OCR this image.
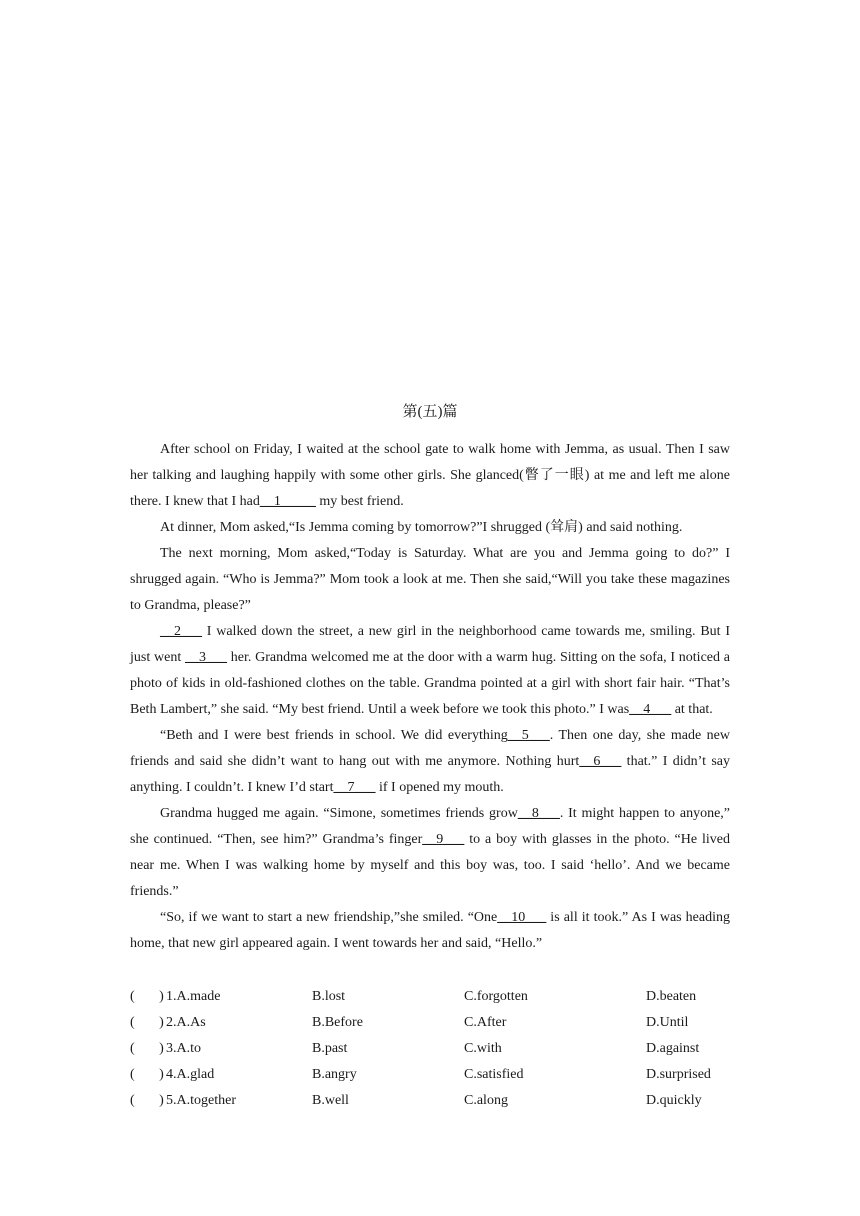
第(五)篇

After school on Friday, I waited at the school gate to walk home with Jemma, as usual. Then I saw her talking and laughing happily with some other girls. She glanced(瞥了一眼) at me and left me alone there. I knew that I had__1_____ my best friend.

At dinner, Mom asked,“Is Jemma coming by tomorrow?”I shrugged (耸肩) and said nothing.

The next morning, Mom asked,“Today is Saturday. What are you and Jemma going to do?” I shrugged again. “Who is Jemma?” Mom took a look at me. Then she said,“Will you take these magazines to Grandma, please?”

__2___ I walked down the street, a new girl in the neighborhood came towards me, smiling. But I just went __3___ her. Grandma welcomed me at the door with a warm hug. Sitting on the sofa, I noticed a photo of kids in old-fashioned clothes on the table. Grandma pointed at a girl with short fair hair. “That’s Beth Lambert,” she said. “My best friend. Until a week before we took this photo.” I was__4___ at that.

“Beth and I were best friends in school. We did everything__5___. Then one day, she made new friends and said she didn’t want to hang out with me anymore. Nothing hurt__6___ that.” I didn’t say anything. I couldn’t. I knew I’d start__7___ if I opened my mouth.

Grandma hugged me again. “Simone, sometimes friends grow__8___. It might happen to anyone,” she continued. “Then, see him?” Grandma’s finger__9___ to a boy with glasses in the photo. “He lived near me. When I was walking home by myself and this boy was, too. I said ‘hello’. And we became friends.”

“So, if we want to start a new friendship,”she smiled. “One__10___ is all it took.” As I was heading home, that new girl appeared again. I went towards her and said, “Hello.”

(       ) 1.A.made	B.lost	C.forgotten	D.beaten
(       ) 2.A.As	B.Before	C.After	D.Until
(       ) 3.A.to	B.past	C.with	D.against
(       ) 4.A.glad	B.angry	C.satisfied	D.surprised
(       ) 5.A.together	B.well	C.along	D.quickly
